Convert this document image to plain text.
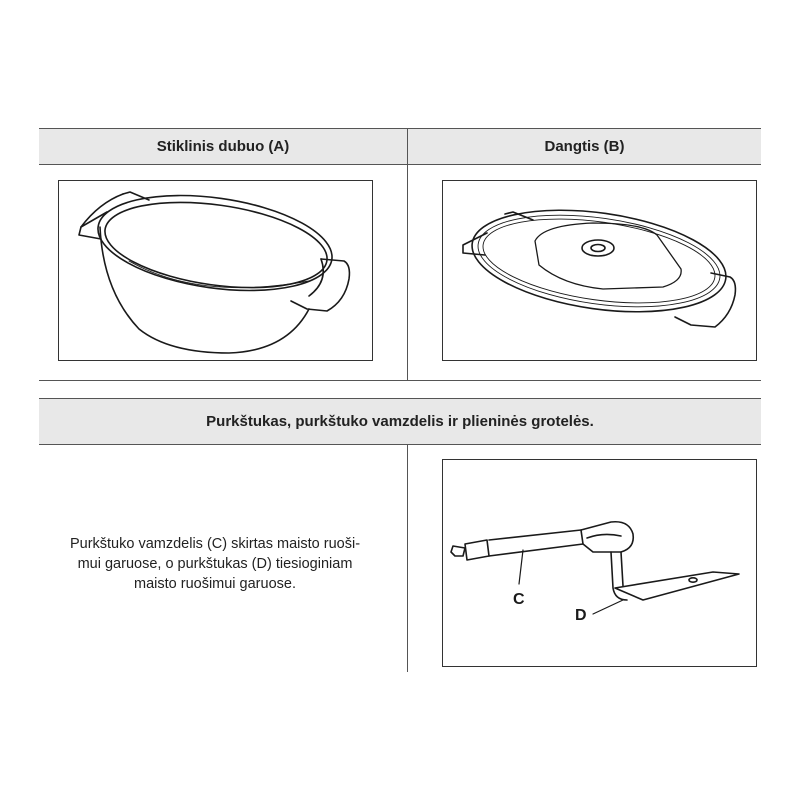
Stiklinis dubuo (A)	Dangtis (B)
Purkštukas, purkštuko vamzdelis ir plieninės grotelės.
Purkštuko vamzdelis (C) skirtas maisto ruoši-
mui garuose, o purkštukas (D) tiesioginiam
maisto ruošimui garuose.
C
D
